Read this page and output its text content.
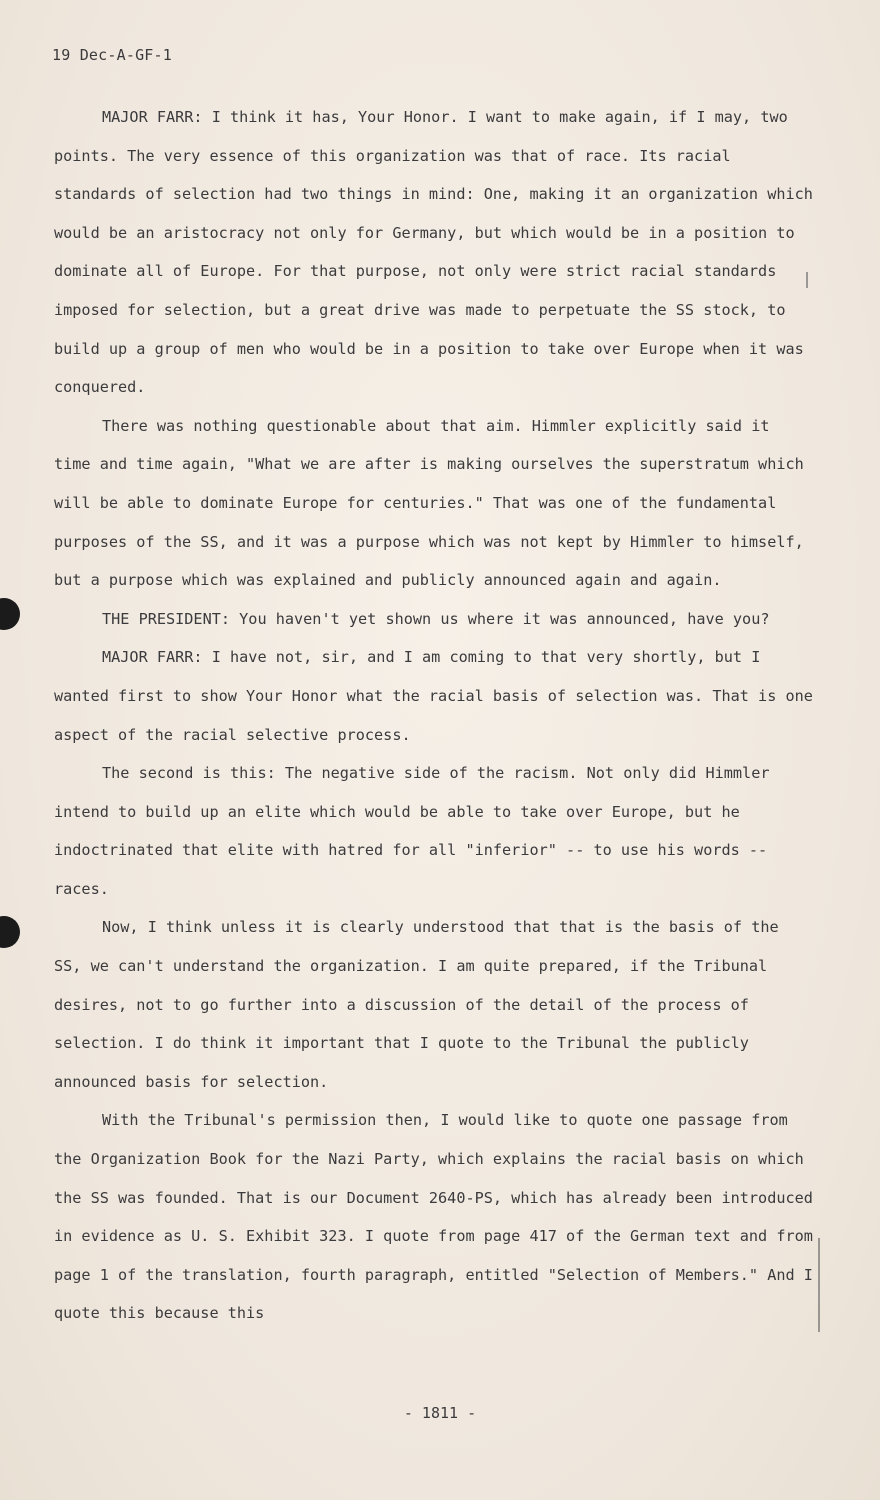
19 Dec-A-GF-1

MAJOR FARR: I think it has, Your Honor. I want to make again, if I may, two points. The very essence of this organization was that of race. Its racial standards of selection had two things in mind: One, making it an organization which would be an aristocracy not only for Germany, but which would be in a position to dominate all of Europe. For that purpose, not only were strict racial standards imposed for selection, but a great drive was made to perpetuate the SS stock, to build up a group of men who would be in a position to take over Europe when it was conquered.

There was nothing questionable about that aim. Himmler explicitly said it time and time again, "What we are after is making ourselves the superstratum which will be able to dominate Europe for centuries." That was one of the fundamental purposes of the SS, and it was a purpose which was not kept by Himmler to himself, but a purpose which was explained and publicly announced again and again.

THE PRESIDENT: You haven't yet shown us where it was announced, have you?

MAJOR FARR: I have not, sir, and I am coming to that very shortly, but I wanted first to show Your Honor what the racial basis of selection was. That is one aspect of the racial selective process.

The second is this: The negative side of the racism. Not only did Himmler intend to build up an elite which would be able to take over Europe, but he indoctrinated that elite with hatred for all "inferior" -- to use his words -- races.

Now, I think unless it is clearly understood that that is the basis of the SS, we can't understand the organization. I am quite prepared, if the Tribunal desires, not to go further into a discussion of the detail of the process of selection. I do think it important that I quote to the Tribunal the publicly announced basis for selection.

With the Tribunal's permission then, I would like to quote one passage from the Organization Book for the Nazi Party, which explains the racial basis on which the SS was founded. That is our Document 2640-PS, which has already been introduced in evidence as U. S. Exhibit 323. I quote from page 417 of the German text and from page 1 of the translation, fourth paragraph, entitled "Selection of Members." And I quote this because this

- 1811 -
